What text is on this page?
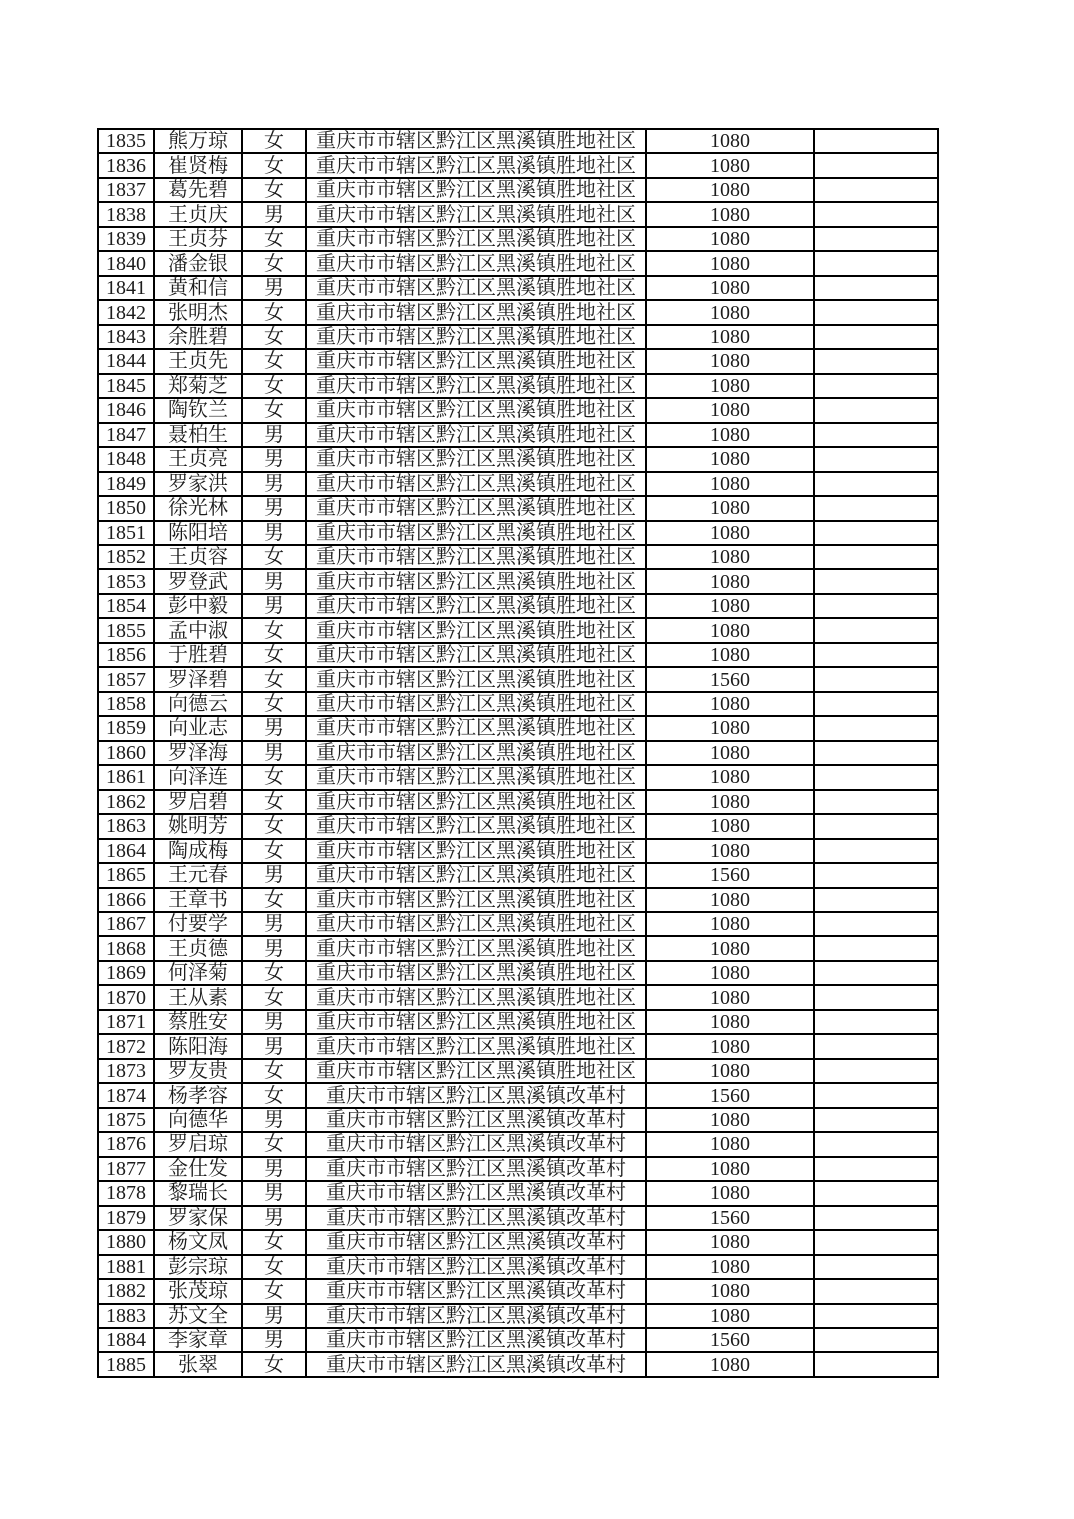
1835	熊万琼	女	重庆市市辖区黔江区黑溪镇胜地社区	1080	
1836	崔贤梅	女	重庆市市辖区黔江区黑溪镇胜地社区	1080	
1837	葛先碧	女	重庆市市辖区黔江区黑溪镇胜地社区	1080	
1838	王贞庆	男	重庆市市辖区黔江区黑溪镇胜地社区	1080	
1839	王贞芬	女	重庆市市辖区黔江区黑溪镇胜地社区	1080	
1840	潘金银	女	重庆市市辖区黔江区黑溪镇胜地社区	1080	
1841	黄和信	男	重庆市市辖区黔江区黑溪镇胜地社区	1080	
1842	张明杰	女	重庆市市辖区黔江区黑溪镇胜地社区	1080	
1843	余胜碧	女	重庆市市辖区黔江区黑溪镇胜地社区	1080	
1844	王贞先	女	重庆市市辖区黔江区黑溪镇胜地社区	1080	
1845	郑菊芝	女	重庆市市辖区黔江区黑溪镇胜地社区	1080	
1846	陶钦兰	女	重庆市市辖区黔江区黑溪镇胜地社区	1080	
1847	聂柏生	男	重庆市市辖区黔江区黑溪镇胜地社区	1080	
1848	王贞亮	男	重庆市市辖区黔江区黑溪镇胜地社区	1080	
1849	罗家洪	男	重庆市市辖区黔江区黑溪镇胜地社区	1080	
1850	徐光林	男	重庆市市辖区黔江区黑溪镇胜地社区	1080	
1851	陈阳培	男	重庆市市辖区黔江区黑溪镇胜地社区	1080	
1852	王贞容	女	重庆市市辖区黔江区黑溪镇胜地社区	1080	
1853	罗登武	男	重庆市市辖区黔江区黑溪镇胜地社区	1080	
1854	彭中毅	男	重庆市市辖区黔江区黑溪镇胜地社区	1080	
1855	孟中淑	女	重庆市市辖区黔江区黑溪镇胜地社区	1080	
1856	于胜碧	女	重庆市市辖区黔江区黑溪镇胜地社区	1080	
1857	罗泽碧	女	重庆市市辖区黔江区黑溪镇胜地社区	1560	
1858	向德云	女	重庆市市辖区黔江区黑溪镇胜地社区	1080	
1859	向业志	男	重庆市市辖区黔江区黑溪镇胜地社区	1080	
1860	罗泽海	男	重庆市市辖区黔江区黑溪镇胜地社区	1080	
1861	向泽连	女	重庆市市辖区黔江区黑溪镇胜地社区	1080	
1862	罗启碧	女	重庆市市辖区黔江区黑溪镇胜地社区	1080	
1863	姚明芳	女	重庆市市辖区黔江区黑溪镇胜地社区	1080	
1864	陶成梅	女	重庆市市辖区黔江区黑溪镇胜地社区	1080	
1865	王元春	男	重庆市市辖区黔江区黑溪镇胜地社区	1560	
1866	王章书	女	重庆市市辖区黔江区黑溪镇胜地社区	1080	
1867	付要学	男	重庆市市辖区黔江区黑溪镇胜地社区	1080	
1868	王贞德	男	重庆市市辖区黔江区黑溪镇胜地社区	1080	
1869	何泽菊	女	重庆市市辖区黔江区黑溪镇胜地社区	1080	
1870	王从素	女	重庆市市辖区黔江区黑溪镇胜地社区	1080	
1871	蔡胜安	男	重庆市市辖区黔江区黑溪镇胜地社区	1080	
1872	陈阳海	男	重庆市市辖区黔江区黑溪镇胜地社区	1080	
1873	罗友贵	女	重庆市市辖区黔江区黑溪镇胜地社区	1080	
1874	杨孝容	女	重庆市市辖区黔江区黑溪镇改革村	1560	
1875	向德华	男	重庆市市辖区黔江区黑溪镇改革村	1080	
1876	罗启琼	女	重庆市市辖区黔江区黑溪镇改革村	1080	
1877	金仕发	男	重庆市市辖区黔江区黑溪镇改革村	1080	
1878	黎瑞长	男	重庆市市辖区黔江区黑溪镇改革村	1080	
1879	罗家保	男	重庆市市辖区黔江区黑溪镇改革村	1560	
1880	杨文凤	女	重庆市市辖区黔江区黑溪镇改革村	1080	
1881	彭宗琼	女	重庆市市辖区黔江区黑溪镇改革村	1080	
1882	张茂琼	女	重庆市市辖区黔江区黑溪镇改革村	1080	
1883	苏文全	男	重庆市市辖区黔江区黑溪镇改革村	1080	
1884	李家章	男	重庆市市辖区黔江区黑溪镇改革村	1560	
1885	张翠	女	重庆市市辖区黔江区黑溪镇改革村	1080	
